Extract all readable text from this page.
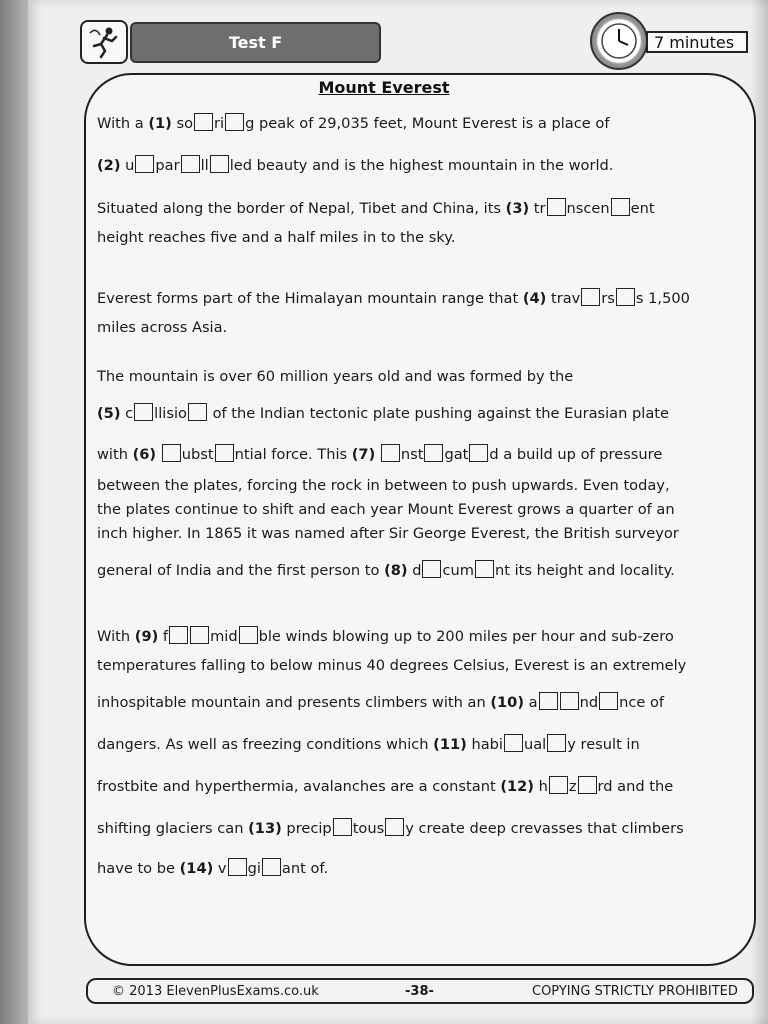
Test F	7 minutes
Mount Everest
With a (1) so ri g peak of 29,035 feet, Mount Everest is a place of
(2) u par ll led beauty and is the highest mountain in the world.
Situated along the border of Nepal, Tibet and China, its (3) tr nscen ent
height reaches five and a half miles in to the sky.
Everest forms part of the Himalayan mountain range that (4) trav rs s 1,500
miles across Asia.
The mountain is over 60 million years old and was formed by the
(5) c llisio of the Indian tectonic plate pushing against the Eurasian plate
with (6) ubst ntial force. This (7) nst gat d a build up of pressure
between the plates, forcing the rock in between to push upwards. Even today,
the plates continue to shift and each year Mount Everest grows a quarter of an
inch higher. In 1865 it was named after Sir George Everest, the British surveyor
general of India and the first person to (8) d cum nt its height and locality.
With (9) f	mid ble winds blowing up to 200 miles per hour and sub-zero
temperatures falling to below minus 40 degrees Celsius, Everest is an extremely
inhospitable mountain and presents climbers with an (10) a	nd nce of
dangers. As well as freezing conditions which (11) habi ual y result in
frostbite and hyperthermia, avalanches are a constant (12) h z rd and the
shifting glaciers can (13) precip tous y create deep crevasses that climbers
have to be (14) v gi ant of.
© 2013 ElevenPlusExams.co.uk	-38-	COPYING STRICTLY PROHIBITED
